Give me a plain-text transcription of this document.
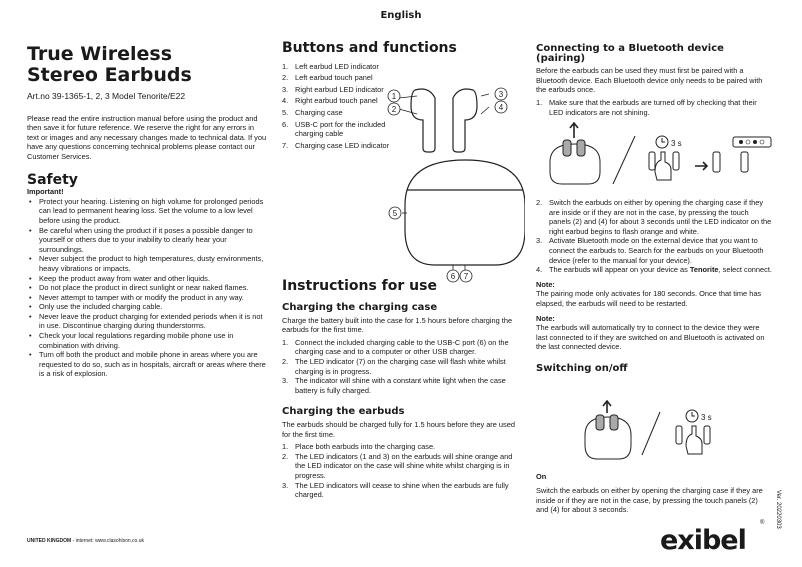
English
True Wireless
Stereo Earbuds

Art.no 39-1365-1, 2, 3 Model Tenorite/E22

Please read the entire instruction manual before using the product and then save it for future reference. We reserve the right for any errors in text or images and any necessary changes made to technical data. If you have any questions concerning technical problems please contact our Customer Services.

Safety

Important!

• Protect your hearing. Listening on high volume for prolonged periods can lead to permanent hearing loss. Set the volume to a low level before using the product.
• Be careful when using the product if it poses a possible danger to yourself or others due to your inability to clearly hear your surroundings.
• Never subject the product to high temperatures, dusty environments, heavy vibrations or impacts.
• Keep the product away from water and other liquids.
• Do not place the product in direct sunlight or near naked flames.
• Never attempt to tamper with or modify the product in any way.
• Only use the included charging cable.
• Never leave the product charging for extended periods when it is not in use. Discontinue charging during thunderstorms.
• Check your local regulations regarding mobile phone use in combination with driving.
• Turn off both the product and mobile phone in areas where you are requested to do so, such as in hospitals, aircraft or areas where there is a risk of explosion.
Buttons and functions
1. Left earbud LED indicator
2. Left earbud touch panel
3. Right earbud LED indicator
4. Right earbud touch panel
5. Charging case
6. USB-C port for the included charging cable
7. Charging case LED indicator
Instructions for use
Charging the charging case

Charge the battery built into the case for 1.5 hours before charging the earbuds for the first time.

1. Connect the included charging cable to the USB-C port (6) on the charging case and to a computer or other USB charger.
2. The LED indicator (7) on the charging case will flash white whilst charging is in progress.
3. The indicator will shine with a constant white light when the case battery is fully charged.
Charging the earbuds

The earbuds should be charged fully for 1.5 hours before they are used for the first time.

1. Place both earbuds into the charging case.
2. The LED indicators (1 and 3) on the earbuds will shine orange and the LED indicator on the case will shine white whilst charging is in progress.
3. The LED indicators will cease to shine when the earbuds are fully charged.
1
2
3
4
5
6 7
Connecting to a Bluetooth device (pairing)

Before the earbuds can be used they must first be paired with a Bluetooth device. Each Bluetooth device only needs to be paired with the earbuds once.

1. Make sure that the earbuds are turned off by checking that their LED indicators are not shining.
2. Switch the earbuds on either by opening the charging case if they are inside or if they are not in the case, by pressing the touch panels (2) and (4) for about 3 seconds until the LED indicator on the right earbud begins to flash orange and white.
3. Activate Bluetooth mode on the external device that you want to connect the earbuds to. Search for the earbuds on your Bluetooth device (refer to the manual for your device).
4. The earbuds will appear on your device as Tenorite, select connect.

Note:

The pairing mode only activates for 180 seconds. Once that time has elapsed, the earbuds will need to be restarted.

Note:

The earbuds will automatically try to connect to the device they were last connected to if they are switched on and Bluetooth is activated on the last connected device.

Switching on/off

On

Switch the earbuds on either by opening the charging case if they are inside or if they are not in the case, by pressing the touch panels (2) and (4) for about 3 seconds.

3 s
3 s
UNITED KINGDOM - internet: www.clasohlson.co.uk
Ver. 20220303
exibel
®
